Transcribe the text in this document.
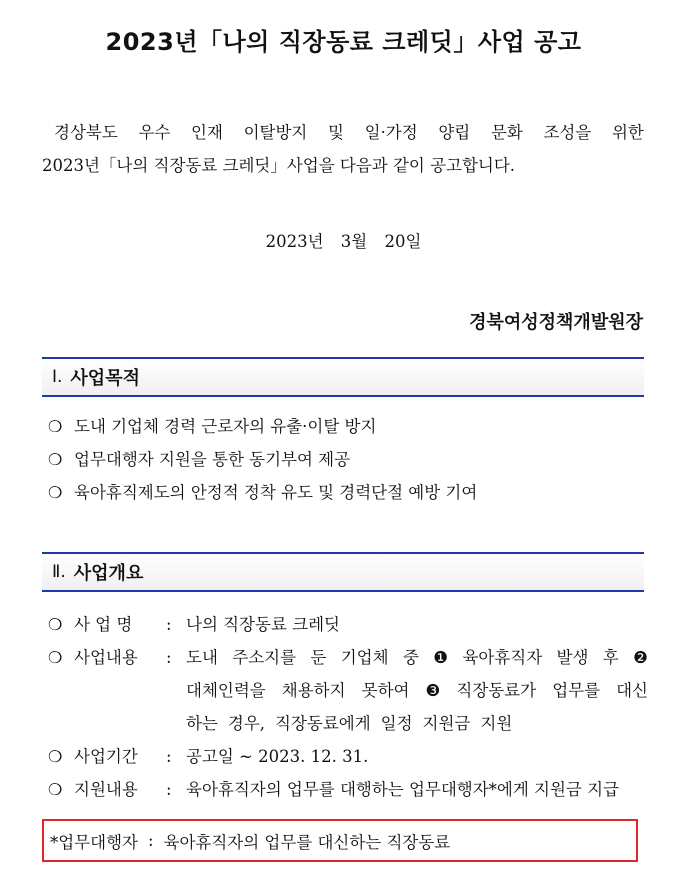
2023년「나의 직장동료 크레딧」사업 공고
경상북도 우수 인재 이탈방지 및 일·가정 양립 문화 조성을 위한
2023년「나의 직장동료 크레딧」사업을 다음과 같이 공고합니다.
2023년 3월 20일
경북여성정책개발원장
Ⅰ. 사업목적
❍ 도내 기업체 경력 근로자의 유출·이탈 방지
❍ 업무대행자 지원을 통한 동기부여 제공
❍ 육아휴직제도의 안정적 정착 유도 및 경력단절 예방 기여
Ⅱ. 사업개요
❍ 사 업 명	: 나의 직장동료 크레딧
❍ 사업내용	: 도내 주소지를 둔 기업체 중 ❶ 육아휴직자 발생 후 ❷
대체인력을 채용하지 못하여 ❸ 직장동료가 업무를 대신
하는 경우, 직장동료에게 일정 지원금 지원
❍ 사업기간	: 공고일 ~ 2023. 12. 31.
❍ 지원내용	: 육아휴직자의 업무를 대행하는 업무대행자*에게 지원금 지급
*업무대행자 : 육아휴직자의 업무를 대신하는 직장동료
